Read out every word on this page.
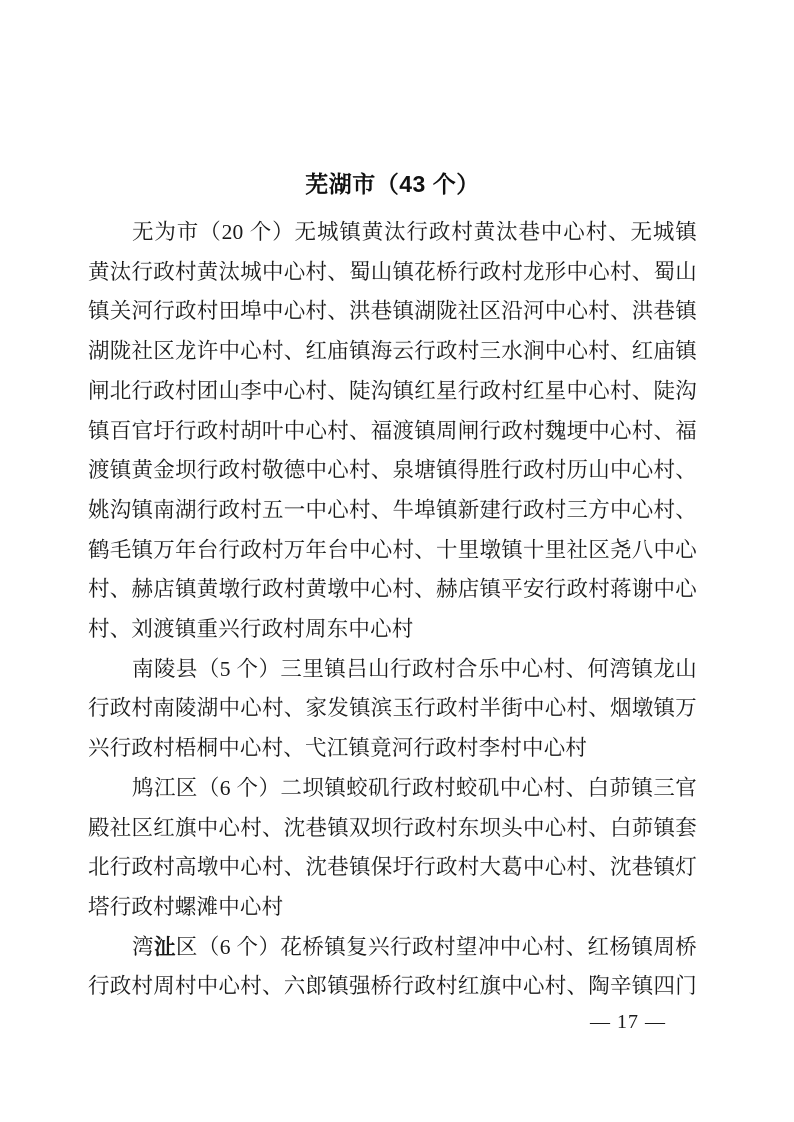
芜湖市（43 个）

无为市（20 个）无城镇黄汰行政村黄汰巷中心村、无城镇

黄汰行政村黄汰城中心村、蜀山镇花桥行政村龙形中心村、蜀山

镇关河行政村田埠中心村、洪巷镇湖陇社区沿河中心村、洪巷镇

湖陇社区龙许中心村、红庙镇海云行政村三水涧中心村、红庙镇

闸北行政村团山李中心村、陡沟镇红星行政村红星中心村、陡沟

镇百官圩行政村胡叶中心村、福渡镇周闸行政村魏埂中心村、福

渡镇黄金坝行政村敬德中心村、泉塘镇得胜行政村历山中心村、

姚沟镇南湖行政村五一中心村、牛埠镇新建行政村三方中心村、

鹤毛镇万年台行政村万年台中心村、十里墩镇十里社区尧八中心

村、赫店镇黄墩行政村黄墩中心村、赫店镇平安行政村蒋谢中心

村、刘渡镇重兴行政村周东中心村

南陵县（5 个）三里镇吕山行政村合乐中心村、何湾镇龙山

行政村南陵湖中心村、家发镇滨玉行政村半街中心村、烟墩镇万

兴行政村梧桐中心村、弋江镇竟河行政村李村中心村

鸠江区（6 个）二坝镇蛟矶行政村蛟矶中心村、白茆镇三官

殿社区红旗中心村、沈巷镇双坝行政村东坝头中心村、白茆镇套

北行政村高墩中心村、沈巷镇保圩行政村大葛中心村、沈巷镇灯

塔行政村螺滩中心村

湾沚区（6 个）花桥镇复兴行政村望冲中心村、红杨镇周桥

行政村周村中心村、六郎镇强桥行政村红旗中心村、陶辛镇四门

— 17 —
